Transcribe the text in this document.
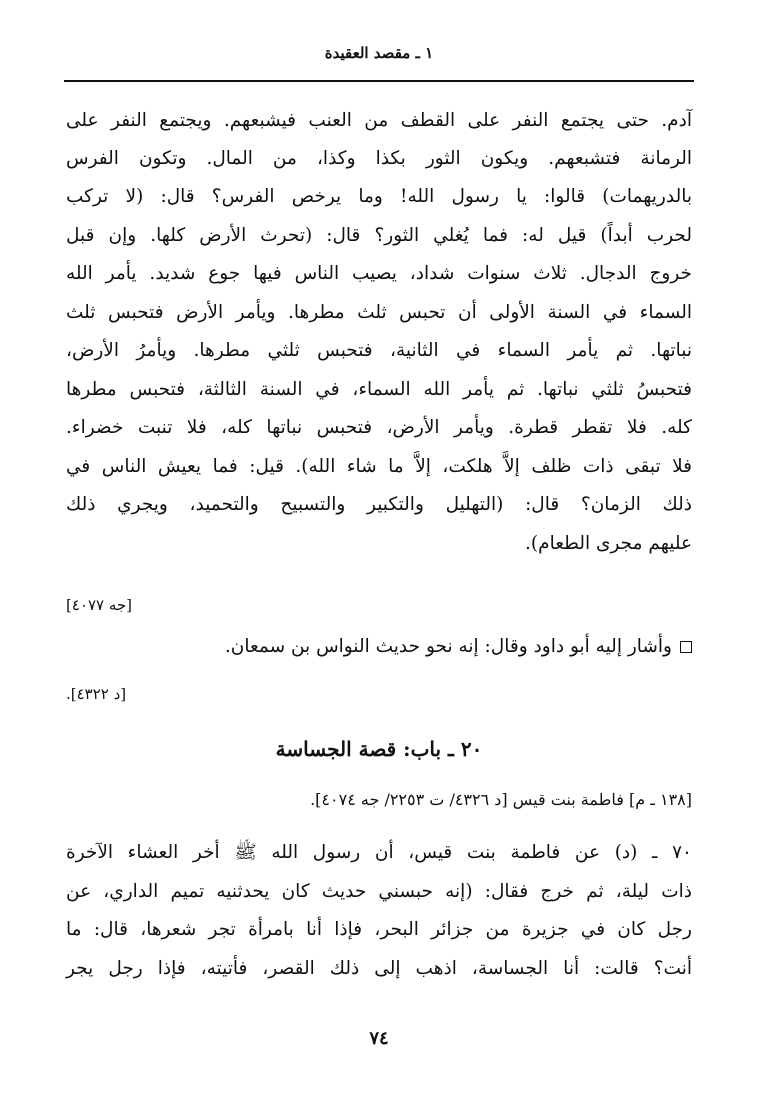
١ ـ مقصد العقيدة
آدم. حتى يجتمع النفر على القطف من العنب فيشبعهم. ويجتمع النفر على
الرمانة فتشبعهم. ويكون الثور بكذا وكذا، من المال. وتكون الفرس
بالدريهمات) قالوا: يا رسول الله! وما يرخص الفرس؟ قال: (لا تركب
لحرب أبداً) قيل له: فما يُغلي الثور؟ قال: (تحرث الأرض كلها. وإن قبل
خروج الدجال. ثلاث سنوات شداد، يصيب الناس فيها جوع شديد. يأمر الله
السماء في السنة الأولى أن تحبس ثلث مطرها. ويأمر الأرض فتحبس ثلث
نباتها. ثم يأمر السماء في الثانية، فتحبس ثلثي مطرها. ويأمرُ الأرض،
فتحبسُ ثلثي نباتها. ثم يأمر الله السماء، في السنة الثالثة، فتحبس مطرها
كله. فلا تقطر قطرة. ويأمر الأرض، فتحبس نباتها كله، فلا تنبت خضراء.
فلا تبقى ذات ظلف إلاَّ هلكت، إلاَّ ما شاء الله). قيل: فما يعيش الناس في
ذلك الزمان؟ قال: (التهليل والتكبير والتسبيح والتحميد، ويجري ذلك
عليهم مجرى الطعام).
[جه ٤٠٧٧]
وأشار إليه أبو داود وقال: إنه نحو حديث النواس بن سمعان.
[د ٤٣٢٢].
٢٠ ـ باب: قصة الجساسة
[١٣٨ ـ م] فاطمة بنت قيس [د ٤٣٢٦/ ت ٢٢٥٣/ جه ٤٠٧٤].
٧٠ ـ (د) عن فاطمة بنت قيس، أن رسول الله ﷺ أخر العشاء الآخرة
ذات ليلة، ثم خرج فقال: (إنه حبسني حديث كان يحدثنيه تميم الداري، عن
رجل كان في جزيرة من جزائر البحر، فإذا أنا بامرأة تجر شعرها، قال: ما
أنت؟ قالت: أنا الجساسة، اذهب إلى ذلك القصر، فأتيته، فإذا رجل يجر
٧٤
